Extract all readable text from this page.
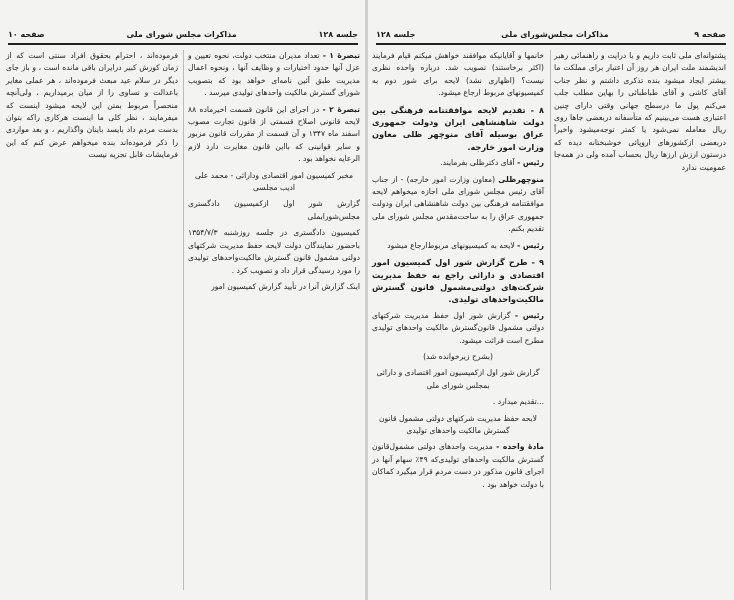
صفحه ۱۰	مذاکرات مجلس شورای ملی	جلسه ۱۲۸

فرموده‌اند ، احترام بحقوق افراد سنتی است که از زمان کورش کبیر درایران باقی مانده است ، و باز جای دیگر در سلام عید مبعث فرموده‌اند ، هر عملی مغایر باعدالت و تساوی را از میان برمیداریم ، ولی‌آنچه منحصراً مربوط بمتن این لایحه میشود اینست که میفرمایند ، نظر کلی ما اینست هرکاری راکه بتوان بدست مردم داد بایسد باینان واگذاریم ، و بعد مواردی را ذکر فرموده‌اند بنده میخواهم عرض کنم که این فرمایشات قابل تجزیه نیست

تبصرهٔ ۱ - تعداد مدیران منتخب دولت، نحوه تعیین و عزل آنها حدود اختیارات و وظایف آنها ، ونحوه اعمال مدیریت طبق آئین نامه‌ای خواهد بود که بتصویب شورای گسترش مالکیت واحدهای تولیدی میرسد .

تبصرهٔ ۲ - در اجرای این قانون قسمت اخیرماده ۸۸ لایحه قانونی اصلاح قسمتی از قانون تجارت مصوب اسفند ماه ۱۳۴۷ و آن قسمت از مقررات قانون مزبور و سایر قوانینی که بااین قانون مغایرت دارد لازم الرعایه نخواهد بود .

مخبر کمیسیون امور اقتصادی ودارائی - محمد علی ادیب مجلسی

گزارش شور اول ازکمیسیون دادگستری مجلس‌شورایملی

کمیسیون دادگستری در جلسه روزشنبه ۱۳۵۴/۷/۳ باحضور نمایندگان دولت لایحه حفظ مدیریت شرکتهای دولتی مشمول قانون گسترش مالکیت‌واحدهای تولیدی را مورد رسیدگی قرار داد و تصویب کرد .

اینک گزارش آنرا در تأیید گزارش کمیسیون امور

جلسه ۱۲۸	مذاکرات مجلس‌شورای ملی	صفحه ۹

خانمها و آقایانیکه موافقند خواهش میکنم قیام فرمایند (اکثر برخاستند) تصویب شد. درباره واحده نظری نیست؟ (اظهاری نشد) لایحه برای شور دوم به کمیسیونهای مربوط ارجاع میشود.

۸ - تقدیم لایحه موافقتنامه فرهنگی بین دولت شاهنشاهی ایران ودولت جمهوری عراق بوسیله آقای منوچهر ظلی معاون وزارت امور خارجه.

رئیس - آقای دکترظلی بفرمایند.

منوچهرظلی (معاون وزارت امور خارجه) - از جناب آقای رئیس مجلس شورای ملی اجازه میخواهم لایحه موافقتنامه فرهنگی بین دولت شاهنشاهی ایران ودولت جمهوری عراق را به ساحت‌مقدس مجلس شورای ملی تقدیم بکنم.

رئیس - لایحه به کمیسیونهای مربوط‌ارجاع میشود

۹ - طرح گزارش شور اول کمیسیون امور اقتصادی و دارائی راجع به حفظ مدیریت شرکت‌های دولتی‌مشمول قانون گسترش مالکیت‌واحدهای تولیدی.

رئیس - گزارش شور اول حفظ مدیریت شرکتهای دولتی مشمول قانون‌گسترش مالکیت واحدهای تولیدی مطرح است قرائت میشود.

(بشرح زیرخوانده شد)

گزارش شور اول ازکمیسیون امور اقتصادی و دارائی بمجلس شورای ملی

...تقدیم میدارد .

لایحه حفظ مدیریت شرکتهای دولتی مشمول قانون گسترش مالکیت واحدهای تولیدی

مادهٔ واحده - مدیریت واحدهای دولتی مشمول‌قانون گسترش مالکیت واحدهای تولیدی‌که ۴۹٪ سهام آنها در اجرای قانون مذکور در دست مردم قرار میگیرد کماکان با دولت خواهد بود .

پشتوانه‌ای ملی ثابت داریم و با درایت و راهنمائی رهبر اندیشمند ملت ایران هر روز آن اعتبار برای مملکت ما بیشتر ایجاد میشود بنده تذکری داشتم و نظر جناب آقای کاشی و آقای طباطبائی را بهاین مطلب جلب می‌کنم پول ما درسطح جهانی وقتی دارای چنین اعتباری هست می‌بینیم که متأسفانه دربعضی جاها روی ریال معامله نمی‌شود یا کمتر توجه‌میشود واخیراً دربعضی ازکشورهای اروپائی خوشبختانه دیده که درستون ارزش ارزها ریال بحساب آمده ولی در همه‌جا عمومیت ندارد
